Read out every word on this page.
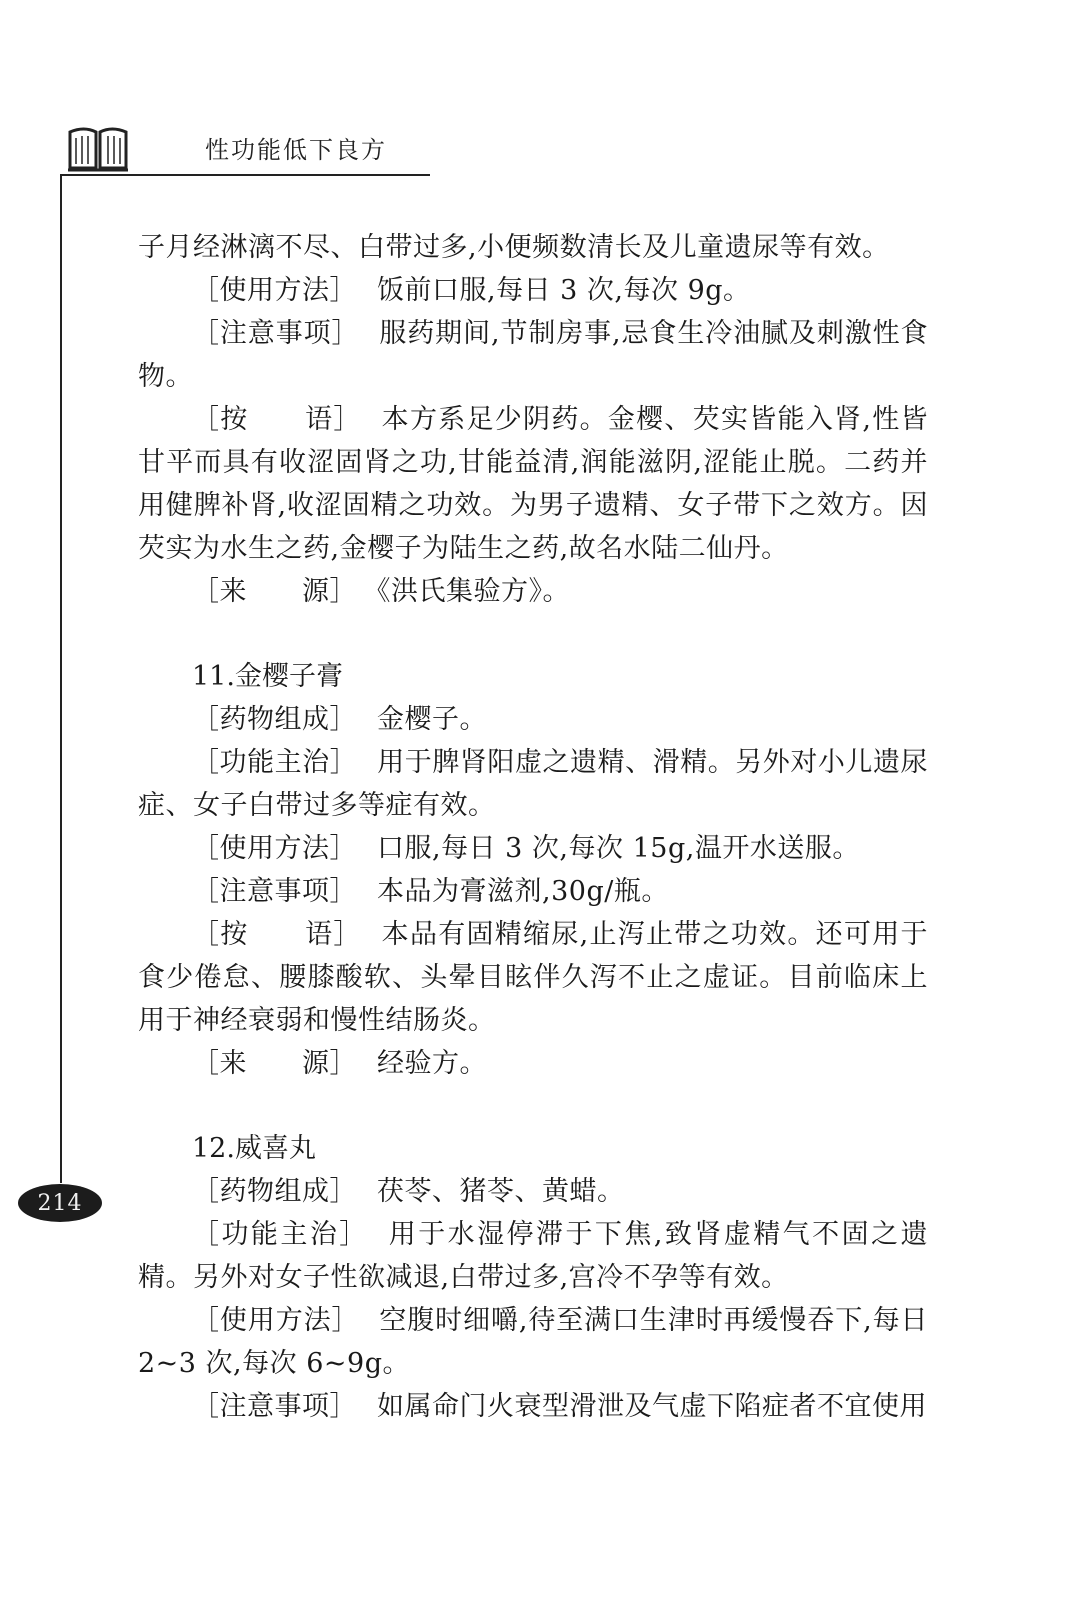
性功能低下良方
214

子月经淋漓不尽、白带过多,小便频数清长及儿童遗尿等有效。

［使用方法］ 饭前口服,每日 3 次,每次 9g。

［注意事项］ 服药期间,节制房事,忌食生冷油腻及刺激性食物。

［按　　语］ 本方系足少阴药。金樱、芡实皆能入肾,性皆甘平而具有收涩固肾之功,甘能益清,润能滋阴,涩能止脱。二药并用健脾补肾,收涩固精之功效。为男子遗精、女子带下之效方。因芡实为水生之药,金樱子为陆生之药,故名水陆二仙丹。

［来　　源］ 《洪氏集验方》。

11.金樱子膏

［药物组成］ 金樱子。

［功能主治］ 用于脾肾阳虚之遗精、滑精。另外对小儿遗尿症、女子白带过多等症有效。

［使用方法］ 口服,每日 3 次,每次 15g,温开水送服。

［注意事项］ 本品为膏滋剂,30g/瓶。

［按　　语］ 本品有固精缩尿,止泻止带之功效。还可用于食少倦怠、腰膝酸软、头晕目眩伴久泻不止之虚证。目前临床上用于神经衰弱和慢性结肠炎。

［来　　源］ 经验方。

12.威喜丸

［药物组成］ 茯苓、猪苓、黄蜡。

［功能主治］ 用于水湿停滞于下焦,致肾虚精气不固之遗精。另外对女子性欲减退,白带过多,宫冷不孕等有效。

［使用方法］ 空腹时细嚼,待至满口生津时再缓慢吞下,每日 2~3 次,每次 6~9g。

［注意事项］ 如属命门火衰型滑泄及气虚下陷症者不宜使用
